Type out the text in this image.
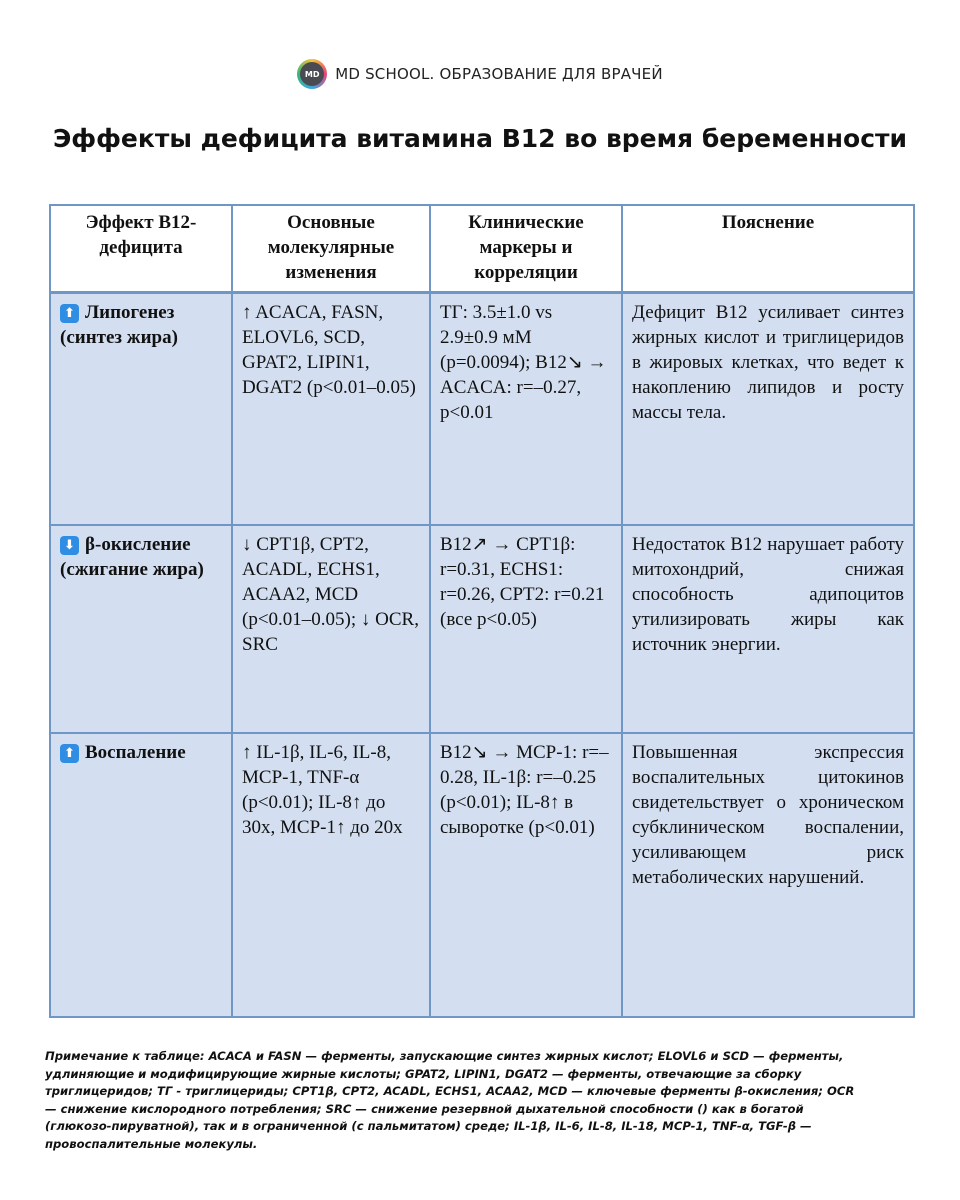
MD	MD SCHOOL. ОБРАЗОВАНИЕ ДЛЯ ВРАЧЕЙ
Эффекты дефицита витамина B12 во время беременности
Эффект B12-дефицита	Основные молекулярные изменения	Клинические маркеры и корреляции	Пояснение
⬆ Липогенез (синтез жира)	↑ ACACA, FASN, ELOVL6, SCD, GPAT2, LIPIN1, DGAT2 (p<0.01–0.05)	ТГ: 3.5±1.0 vs 2.9±0.9 мМ (p=0.0094); B12↘ → ACACA: r=–0.27, p<0.01	Дефицит B12 усиливает синтез жирных кислот и триглицеридов в жировых клетках, что ведет к накоплению липидов и росту массы тела.
⬇ β-окисление (сжигание жира)	↓ CPT1β, CPT2, ACADL, ECHS1, ACAA2, MCD (p<0.01–0.05); ↓ OCR, SRC	B12↗ → CPT1β: r=0.31, ECHS1: r=0.26, CPT2: r=0.21 (все p<0.05)	Недостаток B12 нарушает работу митохондрий, снижая способность адипоцитов утилизировать жиры как источник энергии.
⬆ Воспаление	↑ IL-1β, IL-6, IL-8, MCP-1, TNF-α (p<0.01); IL-8↑ до 30х, MCP-1↑ до 20х	B12↘ → MCP-1: r=–0.28, IL-1β: r=–0.25 (p<0.01); IL-8↑ в сыворотке (p<0.01)	Повышенная экспрессия воспалительных цитокинов свидетельствует о хроническом субклиническом воспалении, усиливающем риск метаболических нарушений.
Примечание к таблице: ACACA и FASN — ферменты, запускающие синтез жирных кислот; ELOVL6 и SCD — ферменты, удлиняющие и модифицирующие жирные кислоты; GPAT2, LIPIN1, DGAT2 — ферменты, отвечающие за сборку триглицеридов; ТГ - триглицериды; CPT1β, CPT2, ACADL, ECHS1, ACAA2, MCD — ключевые ферменты β-окисления; OCR — снижение кислородного потребления; SRC — снижение резервной дыхательной способности () как в богатой (глюкозо-пируватной), так и в ограниченной (с пальмитатом) среде; IL-1β, IL-6, IL-8, IL-18, MCP-1, TNF-α, TGF-β — провоспалительные молекулы.
